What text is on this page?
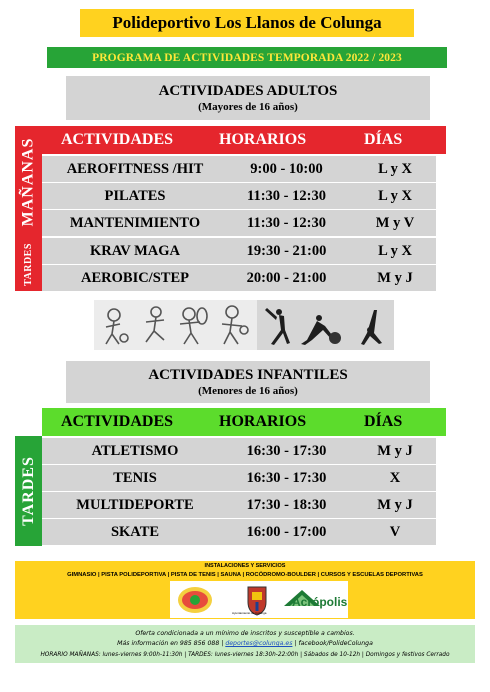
Polideportivo Los Llanos de Colunga
PROGRAMA DE ACTIVIDADES TEMPORADA 2022 / 2023
ACTIVIDADES ADULTOS
(Mayores de 16 años)
MAÑANAS
TARDES
ACTIVIDADES	HORARIOS	DÍAS
AEROFITNESS /HIT	9:00 - 10:00	L y X
PILATES	11:30 - 12:30	L y X
MANTENIMIENTO	11:30 - 12:30	M y V
KRAV MAGA	19:30 - 21:00	L y X
AEROBIC/STEP	20:00 - 21:00	M y J
ACTIVIDADES INFANTILES
(Menores de 16 años)
ACTIVIDADES	HORARIOS	DÍAS
TARDES
ATLETISMO	16:30 - 17:30	M y J
TENIS	16:30 - 17:30	X
MULTIDEPORTE	17:30 - 18:30	M y J
SKATE	16:00 - 17:00	V
INSTALACIONES Y SERVICIOS
GIMNASIO | PISTA POLIDEPORTIVA | PISTA DE TENIS | SAUNA | ROCÓDROMO-BOULDER | CURSOS Y ESCUELAS DEPORTIVAS
Ayuntamiento de Colunga
Acrópolis
Oferta condicionada a un mínimo de inscritos y susceptible a cambios.
Más información en 985 856 088 | deportes@colunga.es | facebook/PolideColunga
HORARIO MAÑANAS: lunes-viernes 9:00h-11:30h | TARDES: lunes-viernes 18:30h-22:00h | Sábados de 10-12h | Domingos y festivos Cerrado
